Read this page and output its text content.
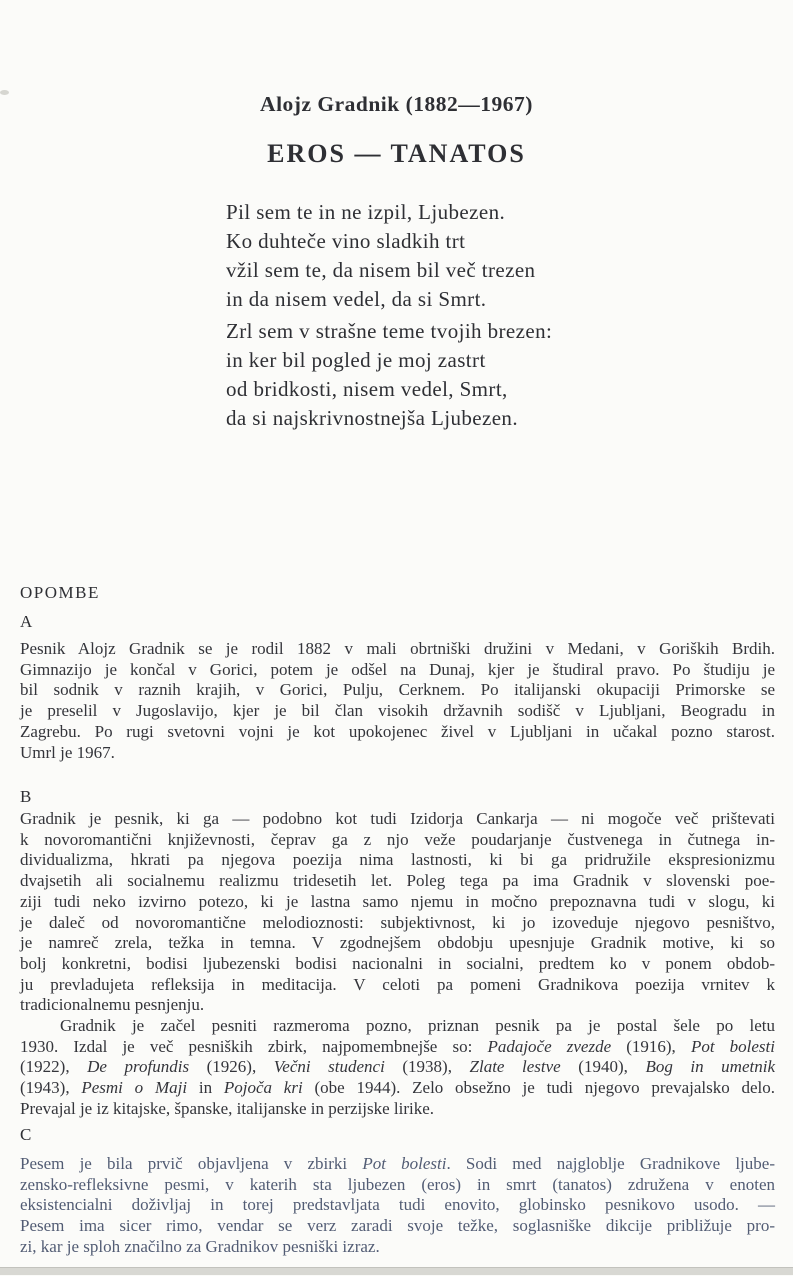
Alojz Gradnik (1882—1967)
EROS — TANATOS
Pil sem te in ne izpil, Ljubezen.
Ko duhteče vino sladkih trt
vžil sem te, da nisem bil več trezen
in da nisem vedel, da si Smrt.
Zrl sem v strašne teme tvojih brezen:
in ker bil pogled je moj zastrt
od bridkosti, nisem vedel, Smrt,
da si najskrivnostnejša Ljubezen.
OPOMBE
A
Pesnik Alojz Gradnik se je rodil 1882 v mali obrtniški družini v Medani, v Goriških Brdih.
Gimnazijo je končal v Gorici, potem je odšel na Dunaj, kjer je študiral pravo. Po študiju je
bil sodnik v raznih krajih, v Gorici, Pulju, Cerknem. Po italijanski okupaciji Primorske se
je preselil v Jugoslavijo, kjer je bil član visokih državnih sodišč v Ljubljani, Beogradu in
Zagrebu. Po rugi svetovni vojni je kot upokojenec živel v Ljubljani in učakal pozno starost.
Umrl je 1967.
B
Gradnik je pesnik, ki ga — podobno kot tudi Izidorja Cankarja — ni mogoče več prištevati
k novoromantični književnosti, čeprav ga z njo veže poudarjanje čustvenega in čutnega in-
dividualizma, hkrati pa njegova poezija nima lastnosti, ki bi ga pridružile ekspresionizmu
dvajsetih ali socialnemu realizmu tridesetih let. Poleg tega pa ima Gradnik v slovenski poe-
ziji tudi neko izvirno potezo, ki je lastna samo njemu in močno prepoznavna tudi v slogu, ki
je daleč od novoromantične melodioznosti: subjektivnost, ki jo izoveduje njegovo pesništvo,
je namreč zrela, težka in temna. V zgodnejšem obdobju upesnjuje Gradnik motive, ki so
bolj konkretni, bodisi ljubezenski bodisi nacionalni in socialni, predtem ko v ponem obdob-
ju prevladujeta refleksija in meditacija. V celoti pa pomeni Gradnikova poezija vrnitev k
tradicionalnemu pesnjenju.
Gradnik je začel pesniti razmeroma pozno, priznan pesnik pa je postal šele po letu
1930. Izdal je več pesniških zbirk, najpomembnejše so: Padajoče zvezde (1916), Pot bolesti
(1922), De profundis (1926), Večni studenci (1938), Zlate lestve (1940), Bog in umetnik
(1943), Pesmi o Maji in Pojoča kri (obe 1944). Zelo obsežno je tudi njegovo prevajalsko delo.
Prevajal je iz kitajske, španske, italijanske in perzijske lirike.
C
Pesem je bila prvič objavljena v zbirki Pot bolesti. Sodi med najgloblje Gradnikove ljube-
zensko-refleksivne pesmi, v katerih sta ljubezen (eros) in smrt (tanatos) združena v enoten
eksistencialni doživljaj in torej predstavljata tudi enovito, globinsko pesnikovo usodo. —
Pesem ima sicer rimo, vendar se verz zaradi svoje težke, soglasniške dikcije približuje pro-
zi, kar je sploh značilno za Gradnikov pesniški izraz.
